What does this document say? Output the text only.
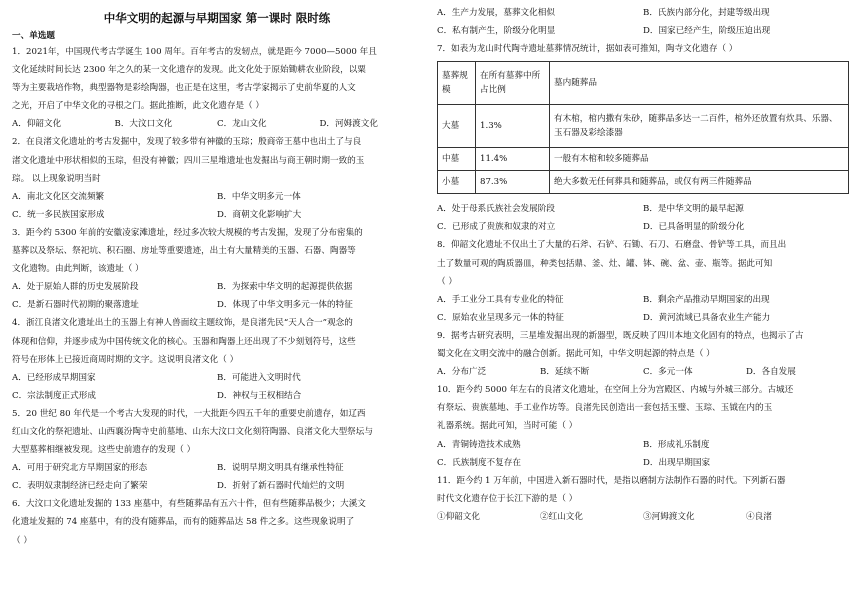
中华文明的起源与早期国家 第一课时 限时练
一、单选题

1．2021年，中国现代考古学诞生 100 周年。百年考古的发轫点，就是距今 7000—5000 年且

文化延续时间长达 2300 年之久的某一文化遗存的发现。此文化处于原始锄耕农业阶段，以粟

等为主要栽培作物，典型器物是彩绘陶器，也正是在这里，考古学家揭示了史前华夏的人文

之光，开启了中华文化的寻根之门。据此推断，此文化遗存是（ ）

A．仰韶文化	B．大汶口文化	C．龙山文化	D．河姆渡文化

2．在良渚文化遗址的考古发掘中，发现了较多带有神徽的玉琮；殷商帝王墓中也出土了与良

渚文化遗址中形状相似的玉琮，但没有神徽；四川三星堆遗址也发掘出与商王朝时期一致的玉

琮。 以上现象说明当时

A．南北文化区交流频繁	B．中华文明多元一体
C．统一多民族国家形成	D．商朝文化影响扩大

3．距今约 5300 年前的安徽凌家滩遗址，经过多次较大规模的考古发掘，发现了分布密集的

墓葬以及祭坛、祭祀坑、积石圈、房址等重要遗迹，出土有大量精美的玉器、石器、陶器等

文化遗物。由此判断，该遗址（ ）

A．处于原始人群的历史发展阶段	B．为探索中华文明的起源提供依据
C．是新石器时代初期的聚落遗址	D．体现了中华文明多元一体的特征

4．浙江良渚文化遗址出土的玉器上有神人兽面纹主题纹饰，是良渚先民“天人合一”观念的

体现和信仰，并逐步成为中国传统文化的核心。玉器和陶器上还出现了不少刻划符号，这些

符号在形体上已接近商周时期的文字。这说明良渚文化（ ）

A．已经形成早期国家	B．可能进入文明时代
C．宗法制度正式形成	D．神权与王权相结合

5．20 世纪 80 年代是一个考古大发现的时代，一大批距今四五千年的重要史前遗存，如辽西

红山文化的祭祀遗址、山西襄汾陶寺史前墓地、山东大汶口文化刻符陶器、良渚文化大型祭坛与

大型墓葬相继被发现。这些史前遗存的发现（ ）

A．可用于研究北方早期国家的形态	B．说明早期文明具有继承性特征
C．表明奴隶制经济已经走向了繁荣	D．折射了新石器时代灿烂的文明

6．大汶口文化遗址发掘的 133 座墓中，有些随葬品有五六十件，但有些随葬品极少；大溪文

化遗址发掘的 74 座墓中，有的没有随葬品，而有的随葬品达 58 件之多。这些现象说明了

（ ）

A．生产力发展，墓葬文化相似	B．氏族内部分化，封建等级出现
C．私有制产生，阶级分化明显	D．国家已经产生，阶级压迫出现

7．如表为龙山时代陶寺遗址墓葬情况统计，据如表可推知，陶寺文化遗存（ ）

墓葬规模	在所有墓葬中所占比例	墓内随葬品
大墓	1.3%	有木棺，棺内撒有朱砂，随葬品多达一二百件，棺外还放置有炊具、乐器、玉石器及彩绘漆器
中墓	11.4%	一般有木棺和较多随葬品
小墓	87.3%	绝大多数无任何葬具和随葬品，或仅有两三件随葬品
A．处于母系氏族社会发展阶段	B．是中华文明的最早起源
C．已形成了贵族和奴隶的对立	D．已具备明显的阶级分化

8．仰韶文化遗址不仅出土了大量的石斧、石铲、石锄、石刀、石磨盘、骨铲等工具，而且出

土了数量可观的陶质器皿，种类包括鼎、釜、灶、罐、钵、碗、盆、壶、瓶等。据此可知

（ ）

A．手工业分工具有专业化的特征	B．剩余产品推动早期国家的出现
C．原始农业呈现多元一体的特征	D．黄河流域已具备农业生产能力

9．据考古研究表明，三星堆发掘出现的新器型，既反映了四川本地文化固有的特点，也揭示了古

蜀文化在文明交流中的融合创新。据此可知，中华文明起源的特点是（ ）

A．分布广泛	B．延续不断	C．多元一体	D．各自发展

10．距今约 5000 年左右的良渚文化遗址，在空间上分为宫殿区、内城与外城三部分。古城还

有祭坛、贵族墓地、手工业作坊等。良渚先民创造出一套包括玉璧、玉琮、玉钺在内的玉

礼器系统。据此可知，当时可能（ ）

A．青铜铸造技术成熟	B．形成礼乐制度
C．氏族制度不复存在	D．出现早期国家

11．距今约 1 万年前，中国进入新石器时代，是指以磨制方法制作石器的时代。下列新石器

时代文化遗存位于长江下游的是（ ）

①仰韶文化	②红山文化	③河姆渡文化	④良渚
